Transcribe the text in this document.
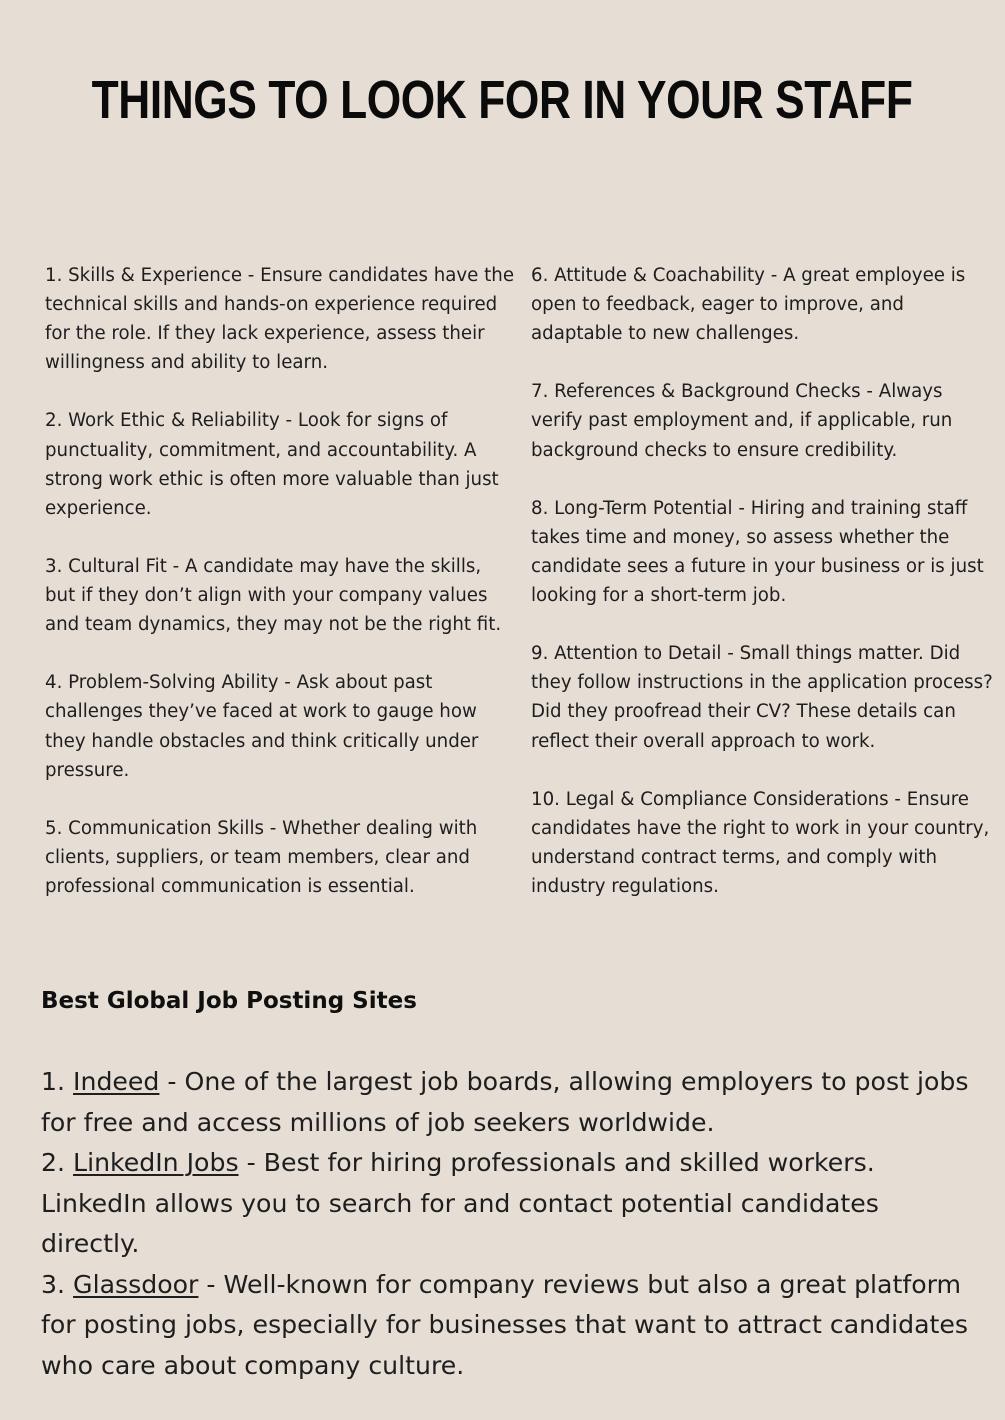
THINGS TO LOOK FOR IN YOUR STAFF

1. Skills & Experience - Ensure candidates have the technical skills and hands-on experience required for the role. If they lack experience, assess their willingness and ability to learn.

2. Work Ethic & Reliability - Look for signs of punctuality, commitment, and accountability. A strong work ethic is often more valuable than just experience.

3. Cultural Fit - A candidate may have the skills, but if they don’t align with your company values and team dynamics, they may not be the right fit.

4. Problem-Solving Ability - Ask about past challenges they’ve faced at work to gauge how they handle obstacles and think critically under pressure.

5. Communication Skills - Whether dealing with clients, suppliers, or team members, clear and professional communication is essential.

6. Attitude & Coachability - A great employee is open to feedback, eager to improve, and adaptable to new challenges.

7. References & Background Checks - Always verify past employment and, if applicable, run background checks to ensure credibility.

8. Long-Term Potential - Hiring and training staff takes time and money, so assess whether the candidate sees a future in your business or is just looking for a short-term job.

9. Attention to Detail - Small things matter. Did they follow instructions in the application process? Did they proofread their CV? These details can reflect their overall approach to work.

10. Legal & Compliance Considerations - Ensure candidates have the right to work in your country, understand contract terms, and comply with industry regulations.

Best Global Job Posting Sites

1. Indeed - One of the largest job boards, allowing employers to post jobs for free and access millions of job seekers worldwide.

2. LinkedIn Jobs - Best for hiring professionals and skilled workers. LinkedIn allows you to search for and contact potential candidates directly.

3. Glassdoor - Well-known for company reviews but also a great platform for posting jobs, especially for businesses that want to attract candidates who care about company culture.
